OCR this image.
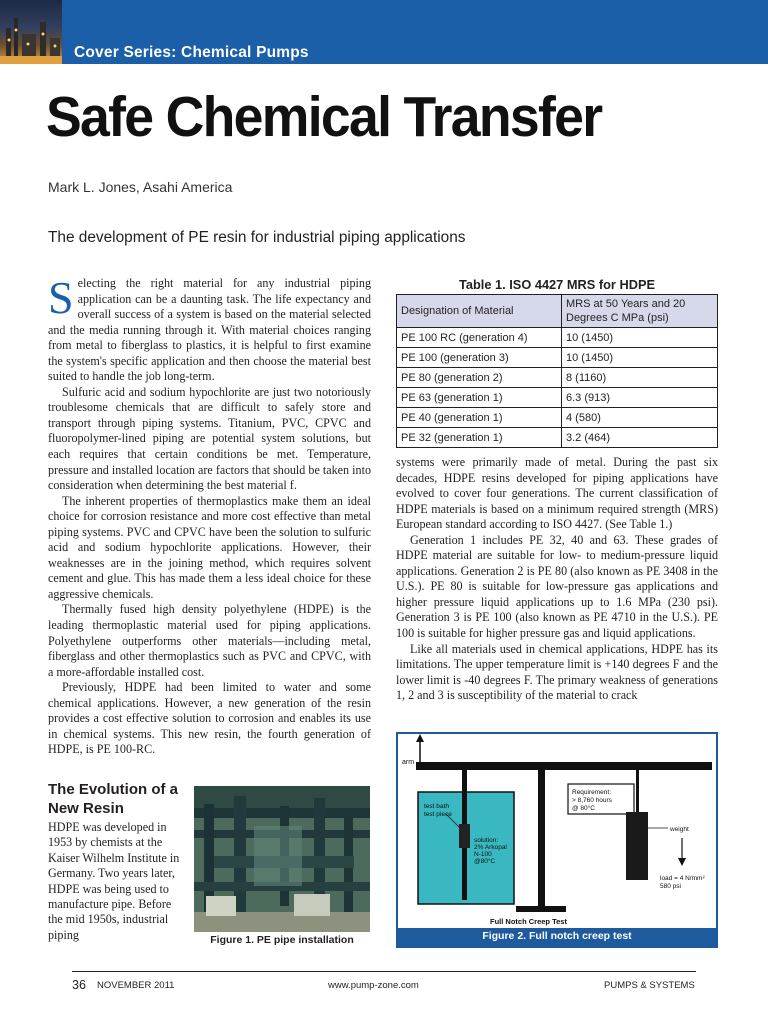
Cover Series: Chemical Pumps
Safe Chemical Transfer
Mark L. Jones, Asahi America
The development of PE resin for industrial piping applications

Selecting the right material for any industrial piping application can be a daunting task. The life expectancy and overall success of a system is based on the material selected and the media running through it. With material choices ranging from metal to fiberglass to plastics, it is helpful to first examine the system's specific application and then choose the material best suited to handle the job long-term.

Sulfuric acid and sodium hypochlorite are just two notoriously troublesome chemicals that are difficult to safely store and transport through piping systems. Titanium, PVC, CPVC and fluoropolymer-lined piping are potential system solutions, but each requires that certain conditions be met. Temperature, pressure and installed location are factors that should be taken into consideration when determining the best material f.

The inherent properties of thermoplastics make them an ideal choice for corrosion resistance and more cost effective than metal piping systems. PVC and CPVC have been the solution to sulfuric acid and sodium hypochlorite applications. However, their weaknesses are in the joining method, which requires solvent cement and glue. This has made them a less ideal choice for these aggressive chemicals.

Thermally fused high density polyethylene (HDPE) is the leading thermoplastic material used for piping applications. Polyethylene outperforms other materials—including metal, fiberglass and other thermoplastics such as PVC and CPVC, with a more-affordable installed cost.

Previously, HDPE had been limited to water and some chemical applications. However, a new generation of the resin provides a cost effective solution to corrosion and enables its use in chemical systems. This new resin, the fourth generation of HDPE, is PE 100-RC.

The Evolution of a New Resin
HDPE was developed in 1953 by chemists at the Kaiser Wilhelm Institute in Germany. Two years later, HDPE was being used to manufacture pipe. Before the mid 1950s, industrial piping	Figure 1. PE pipe installation
Table 1. ISO 4427 MRS for HDPE
Designation of Material	MRS at 50 Years and 20 Degrees C MPa (psi)
PE 100 RC (generation 4)	10 (1450)
PE 100 (generation 3)	10 (1450)
PE 80 (generation 2)	8 (1160)
PE 63 (generation 1)	6.3 (913)
PE 40 (generation 1)	4 (580)
PE 32 (generation 1)	3.2 (464)

systems were primarily made of metal. During the past six decades, HDPE resins developed for piping applications have evolved to cover four generations. The current classification of HDPE materials is based on a minimum required strength (MRS) European standard according to ISO 4427. (See Table 1.)

Generation 1 includes PE 32, 40 and 63. These grades of HDPE material are suitable for low- to medium-pressure liquid applications. Generation 2 is PE 80 (also known as PE 3408 in the U.S.). PE 80 is suitable for low-pressure gas applications and higher pressure liquid applications up to 1.6 MPa (230 psi). Generation 3 is PE 100 (also known as PE 4710 in the U.S.). PE 100 is suitable for higher pressure gas and liquid applications.

Like all materials used in chemical applications, HDPE has its limitations. The upper temperature limit is +140 degrees F and the lower limit is -40 degrees F. The primary weakness of generations 1, 2 and 3 is susceptibility of the material to crack

arm
test bath
test piece
solution:
2% Arkopal
N-100
@80°C
Requirement:
> 8,760 hours
@ 80°C
weight
load = 4 N/mm²
580 psi
Full Notch Creep Test
Figure 2. Full notch creep test
36 NOVEMBER 2011	www.pump-zone.com	PUMPS & SYSTEMS
